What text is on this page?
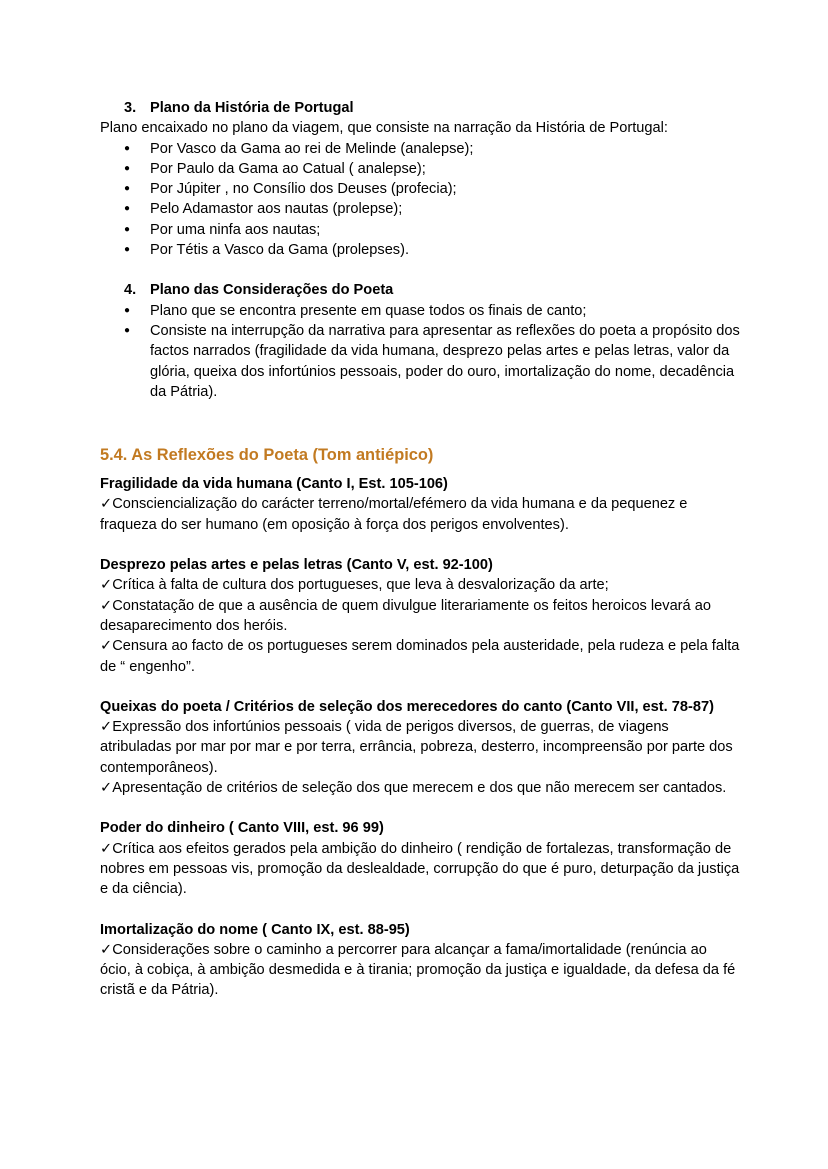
3. Plano da História de Portugal
Plano encaixado no plano da viagem, que consiste na narração da História de Portugal:
● Por Vasco da Gama ao rei de Melinde (analepse);
● Por Paulo da Gama ao Catual ( analepse);
● Por Júpiter , no Consílio dos Deuses (profecia);
● Pelo Adamastor aos nautas (prolepse);
● Por uma ninfa aos nautas;
● Por Tétis a Vasco da Gama (prolepses).
4. Plano das Considerações do Poeta
● Plano que se encontra presente em quase todos os finais de canto;
● Consiste na interrupção da narrativa para apresentar as reflexões do poeta a propósito dos factos narrados (fragilidade da vida humana, desprezo pelas artes e pelas letras, valor da glória, queixa dos infortúnios pessoais, poder do ouro, imortalização do nome, decadência da Pátria).
5.4. As Reflexões do Poeta (Tom antiépico)
Fragilidade da vida humana (Canto I, Est. 105-106)
✓ Consciencialização do carácter terreno/mortal/efémero da vida humana e da pequenez e fraqueza do ser humano (em oposição à força dos perigos envolventes).
Desprezo pelas artes e pelas letras (Canto V, est. 92-100)
✓ Crítica à falta de cultura dos portugueses, que leva à desvalorização da arte;
✓ Constatação de que a ausência de quem divulgue literariamente os feitos heroicos levará ao desaparecimento dos heróis.
✓ Censura ao facto de os portugueses serem dominados pela austeridade, pela rudeza e pela falta de “ engenho”.
Queixas do poeta / Critérios de seleção dos merecedores do canto (Canto VII, est. 78-87)
✓ Expressão dos infortúnios pessoais ( vida de perigos diversos, de guerras, de viagens atribuladas por mar por mar e por terra, errância, pobreza, desterro, incompreensão por parte dos contemporâneos).
✓ Apresentação de critérios de seleção dos que merecem e dos que não merecem ser cantados.
Poder do dinheiro ( Canto VIII, est. 96 99)
✓ Crítica aos efeitos gerados pela ambição do dinheiro ( rendição de fortalezas, transformação de nobres em pessoas vis, promoção da deslealdade, corrupção do que é puro, deturpação da justiça e da ciência).
Imortalização do nome ( Canto IX, est. 88-95)
✓ Considerações sobre o caminho a percorrer para alcançar a fama/imortalidade (renúncia ao ócio, à cobiça, à ambição desmedida e à tirania; promoção da justiça e igualdade, da defesa da fé cristã e da Pátria).
